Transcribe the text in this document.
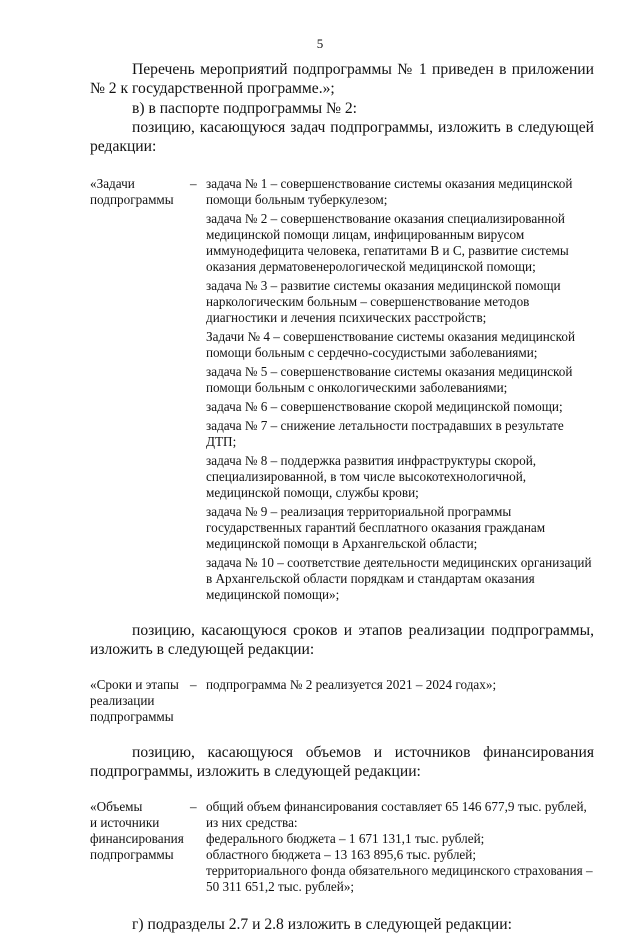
5

Перечень мероприятий подпрограммы № 1 приведен в приложении № 2 к государственной программе.»;

в) в паспорте подпрограммы № 2:

позицию, касающуюся задач подпрограммы, изложить в следующей редакции:

«Задачи
подпрограммы
– задача № 1 – совершенствование системы оказания медицинской помощи больным туберкулезом;

задача № 2 – совершенствование оказания специализированной медицинской помощи лицам, инфицированным вирусом иммунодефицита человека, гепатитами B и C, развитие системы оказания дерматовенерологической медицинской помощи;

задача № 3 – развитие системы оказания медицинской помощи наркологическим больным – совершенствование методов диагностики и лечения психических расстройств;

Задачи № 4 – совершенствование системы оказания медицинской помощи больным с сердечно-сосудистыми заболеваниями;

задача № 5 – совершенствование системы оказания медицинской помощи больным с онкологическими заболеваниями;

задача № 6 – совершенствование скорой медицинской помощи;

задача № 7 – снижение летальности пострадавших в результате ДТП;

задача № 8 – поддержка развития инфраструктуры скорой, специализированной, в том числе высокотехнологичной, медицинской помощи, службы крови;

задача № 9 – реализация территориальной программы государственных гарантий бесплатного оказания гражданам медицинской помощи в Архангельской области;

задача № 10 – соответствие деятельности медицинских организаций в Архангельской области порядкам и стандартам оказания медицинской помощи»;

позицию, касающуюся сроков и этапов реализации подпрограммы, изложить в следующей редакции:

«Сроки и этапы
реализации
подпрограммы
– подпрограмма № 2 реализуется 2021 – 2024 годах»;

позицию, касающуюся объемов и источников финансирования подпрограммы, изложить в следующей редакции:

«Объемы
и источники
финансирования
подпрограммы
– общий объем финансирования составляет 65 146 677,9 тыс. рублей,
из них средства:
федерального бюджета – 1 671 131,1 тыс. рублей;
областного бюджета – 13 163 895,6 тыс. рублей;
территориального фонда обязательного медицинского страхования –
50 311 651,2 тыс. рублей»;

г) подразделы 2.7 и 2.8 изложить в следующей редакции:
